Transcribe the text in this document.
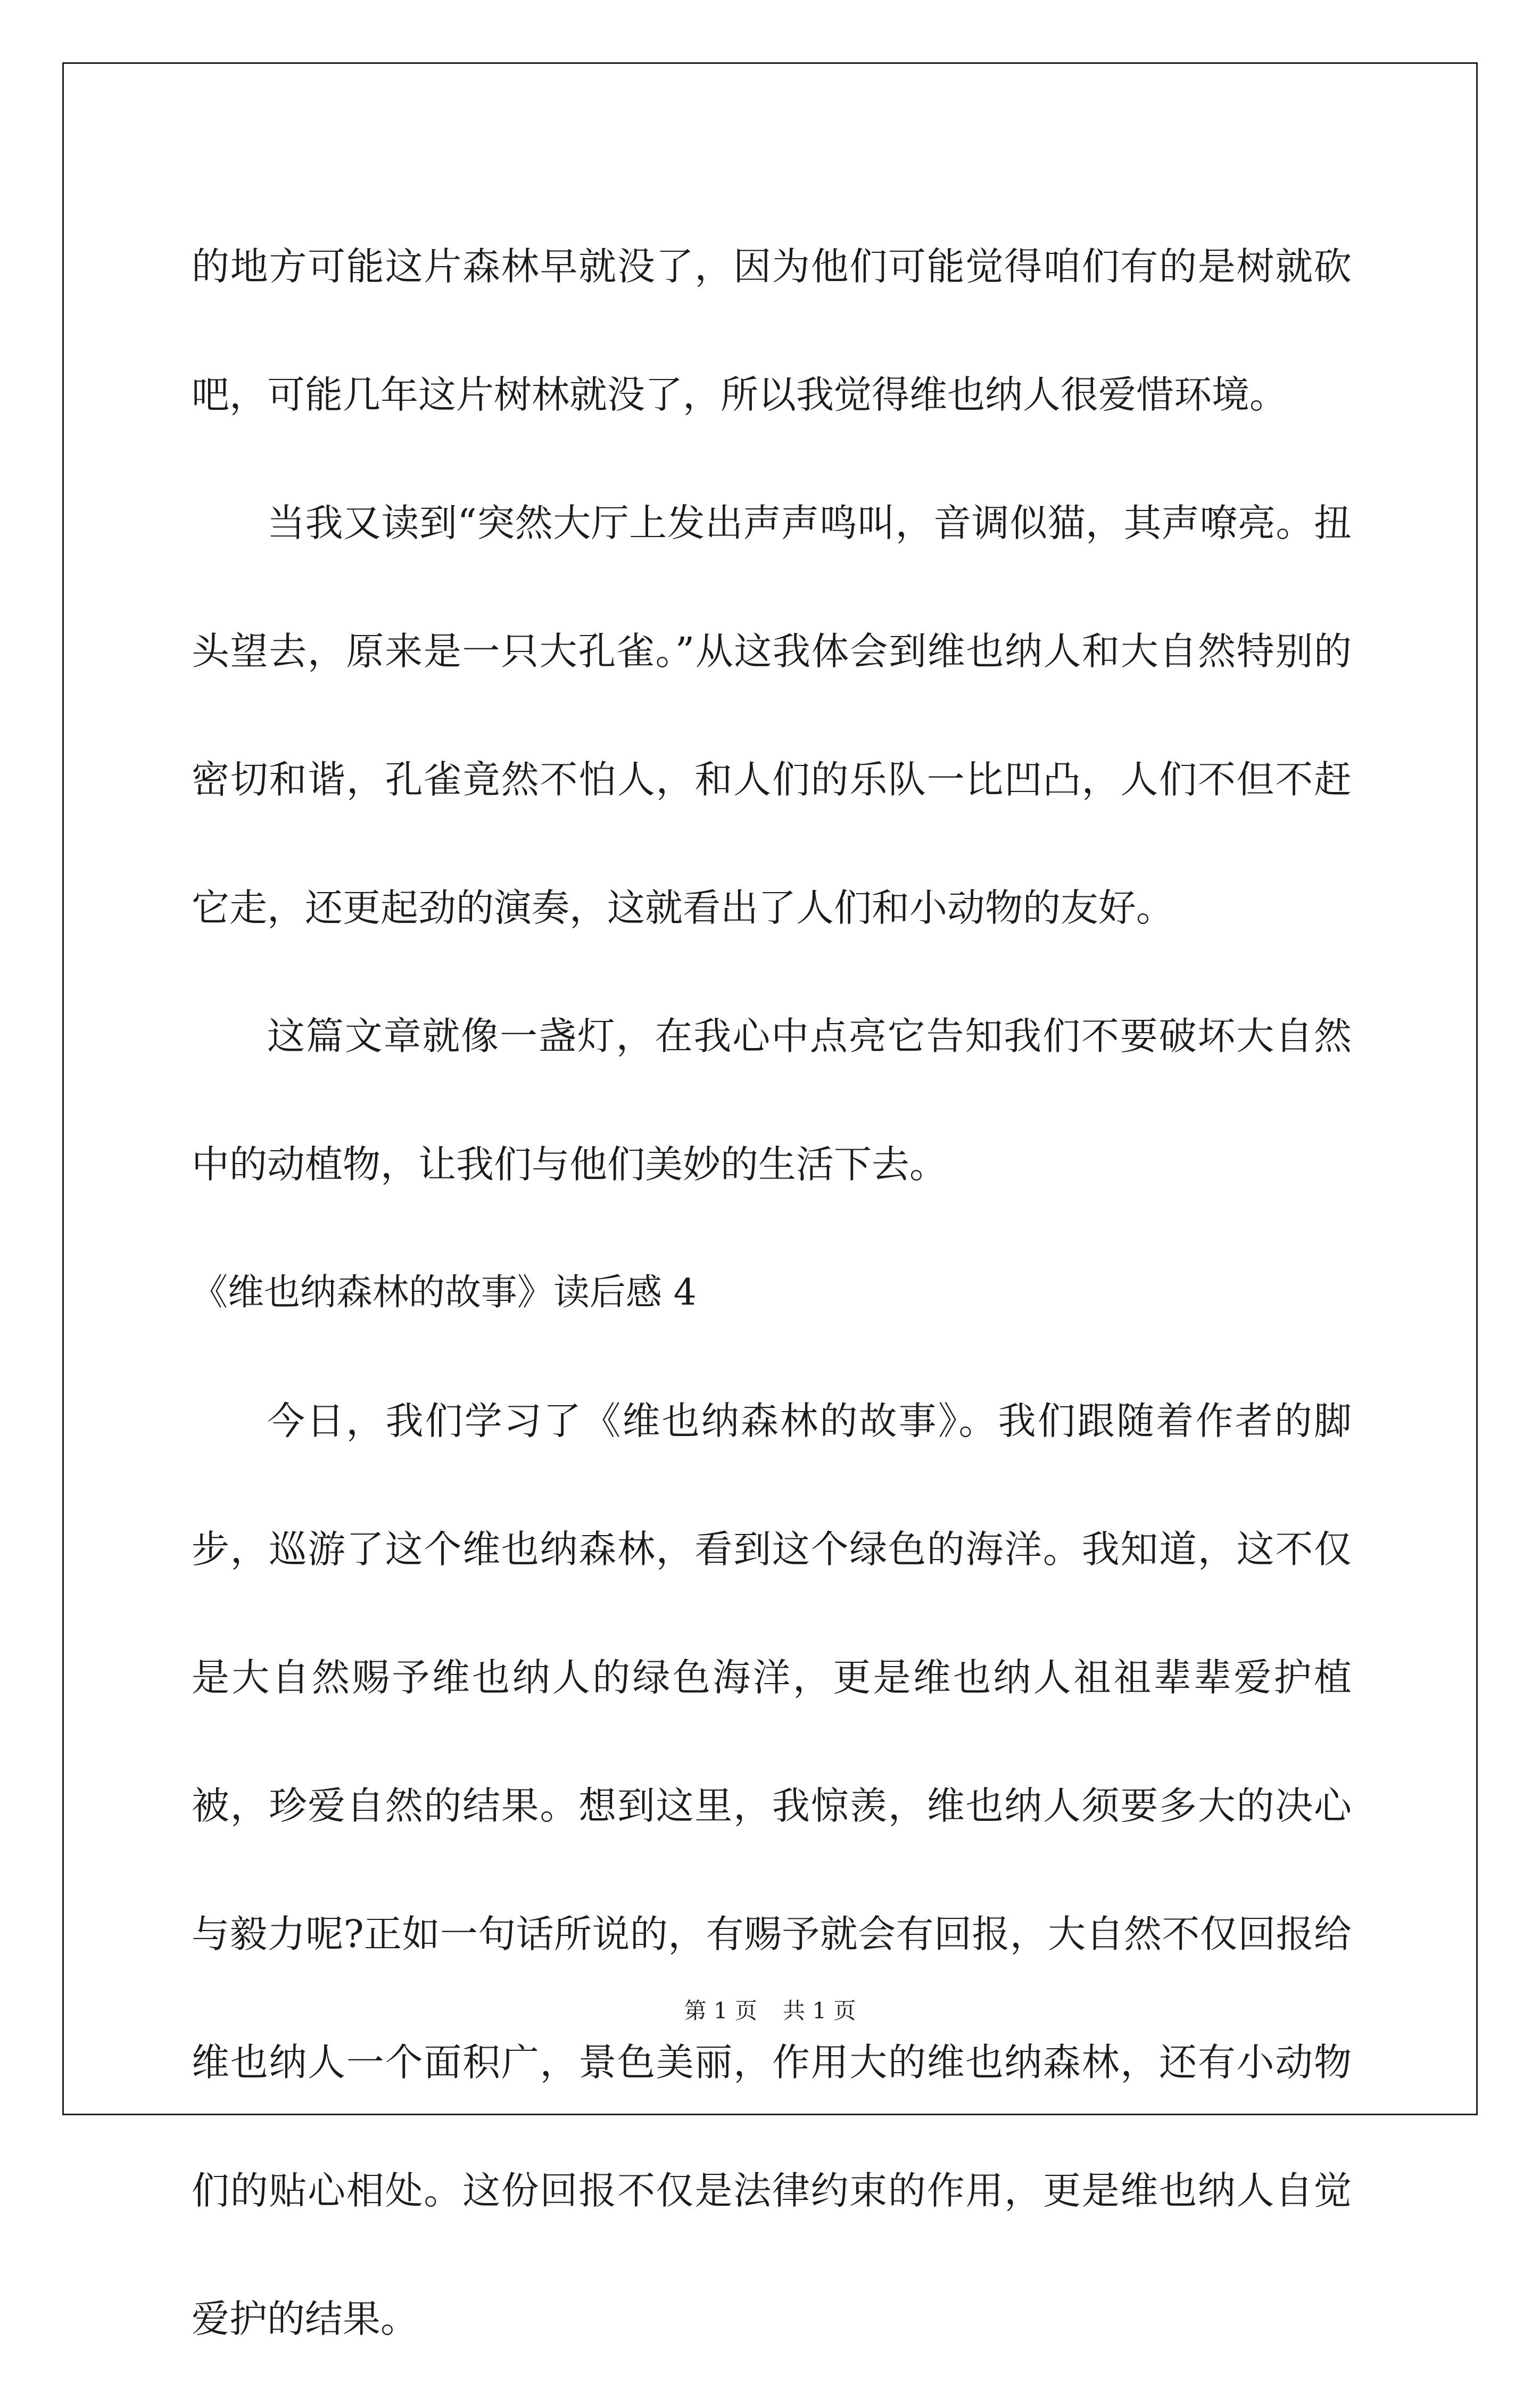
的地方可能这片森林早就没了，因为他们可能觉得咱们有的是树就砍吧，可能几年这片树林就没了，所以我觉得维也纳人很爱惜环境。

当我又读到“突然大厅上发出声声鸣叫，音调似猫，其声嘹亮。扭头望去，原来是一只大孔雀。”从这我体会到维也纳人和大自然特别的密切和谐，孔雀竟然不怕人，和人们的乐队一比凹凸，人们不但不赶它走，还更起劲的演奏，这就看出了人们和小动物的友好。

这篇文章就像一盏灯，在我心中点亮它告知我们不要破坏大自然中的动植物，让我们与他们美妙的生活下去。

《维也纳森林的故事》读后感 4

今日，我们学习了《维也纳森林的故事》。我们跟随着作者的脚步，巡游了这个维也纳森林，看到这个绿色的海洋。我知道，这不仅是大自然赐予维也纳人的绿色海洋，更是维也纳人祖祖辈辈爱护植被，珍爱自然的结果。想到这里，我惊羡，维也纳人须要多大的决心与毅力呢?正如一句话所说的，有赐予就会有回报，大自然不仅回报给维也纳人一个面积广，景色美丽，作用大的维也纳森林，还有小动物们的贴心相处。这份回报不仅是法律约束的作用，更是维也纳人自觉爱护的结果。

第 1 页 共 1 页
